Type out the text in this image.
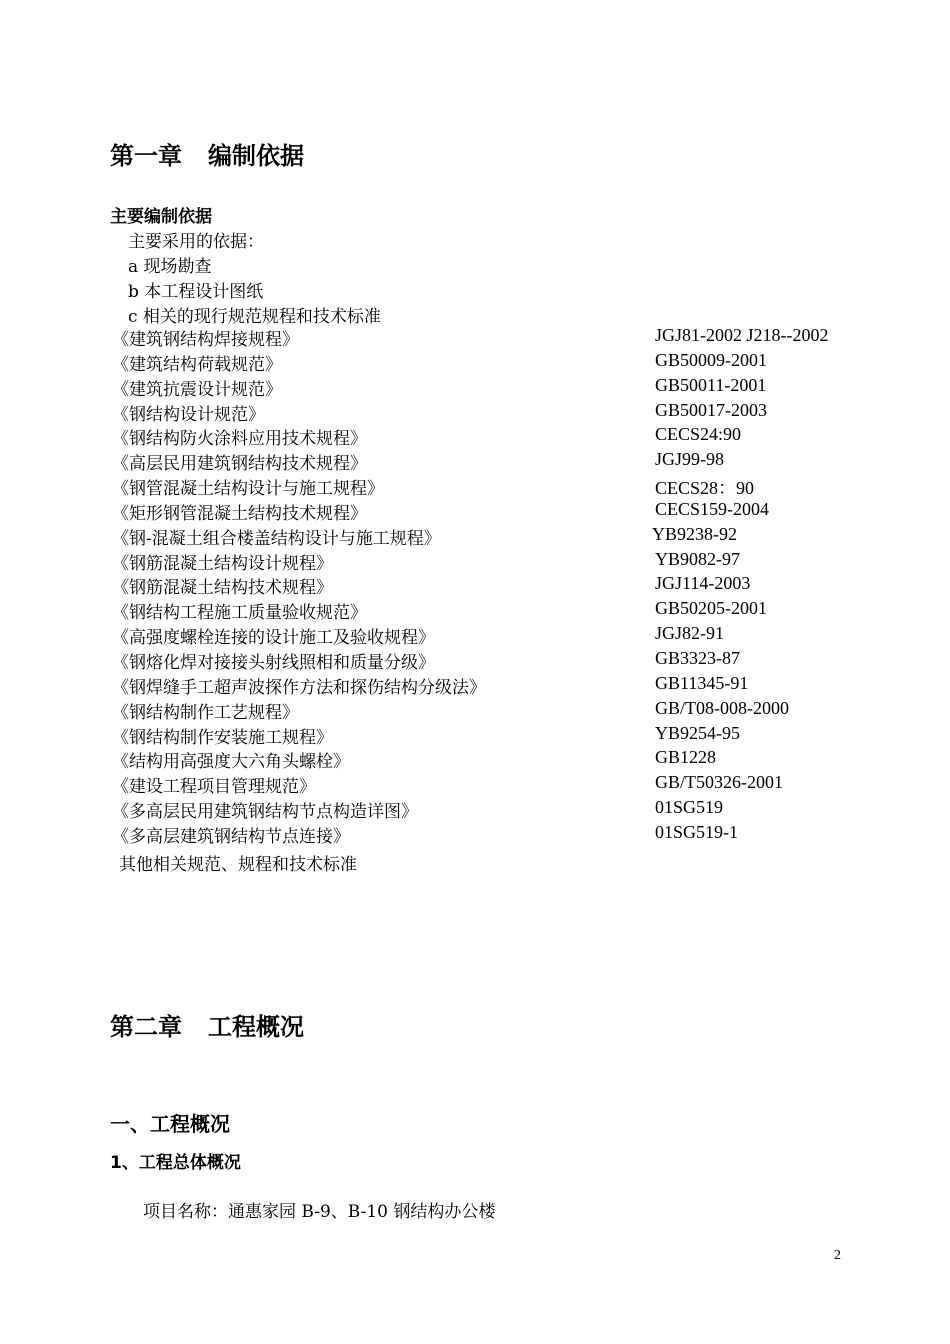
第一章 编制依据
主要编制依据
主要采用的依据：
a 现场勘查
b 本工程设计图纸
c 相关的现行规范规程和技术标准
《建筑钢结构焊接规程》	JGJ81-2002 J218--2002
《建筑结构荷载规范》	GB50009-2001
《建筑抗震设计规范》	GB50011-2001
《钢结构设计规范》	GB50017-2003
《钢结构防火涂料应用技术规程》	CECS24:90
《高层民用建筑钢结构技术规程》	JGJ99-98
《钢管混凝土结构设计与施工规程》	CECS28：90
《矩形钢管混凝土结构技术规程》	CECS159-2004
《钢-混凝土组合楼盖结构设计与施工规程》	YB9238-92
《钢筋混凝土结构设计规程》	YB9082-97
《钢筋混凝土结构技术规程》	JGJ114-2003
《钢结构工程施工质量验收规范》	GB50205-2001
《高强度螺栓连接的设计施工及验收规程》	JGJ82-91
《钢熔化焊对接接头射线照相和质量分级》	GB3323-87
《钢焊缝手工超声波探作方法和探伤结构分级法》	GB11345-91
《钢结构制作工艺规程》	GB/T08-008-2000
《钢结构制作安装施工规程》	YB9254-95
《结构用高强度大六角头螺栓》	GB1228
《建设工程项目管理规范》	GB/T50326-2001
《多高层民用建筑钢结构节点构造详图》	01SG519
《多高层建筑钢结构节点连接》	01SG519-1
其他相关规范、规程和技术标准
第二章 工程概况
一、工程概况
1、工程总体概况
项目名称：通惠家园 B-9、B-10 钢结构办公楼
2
